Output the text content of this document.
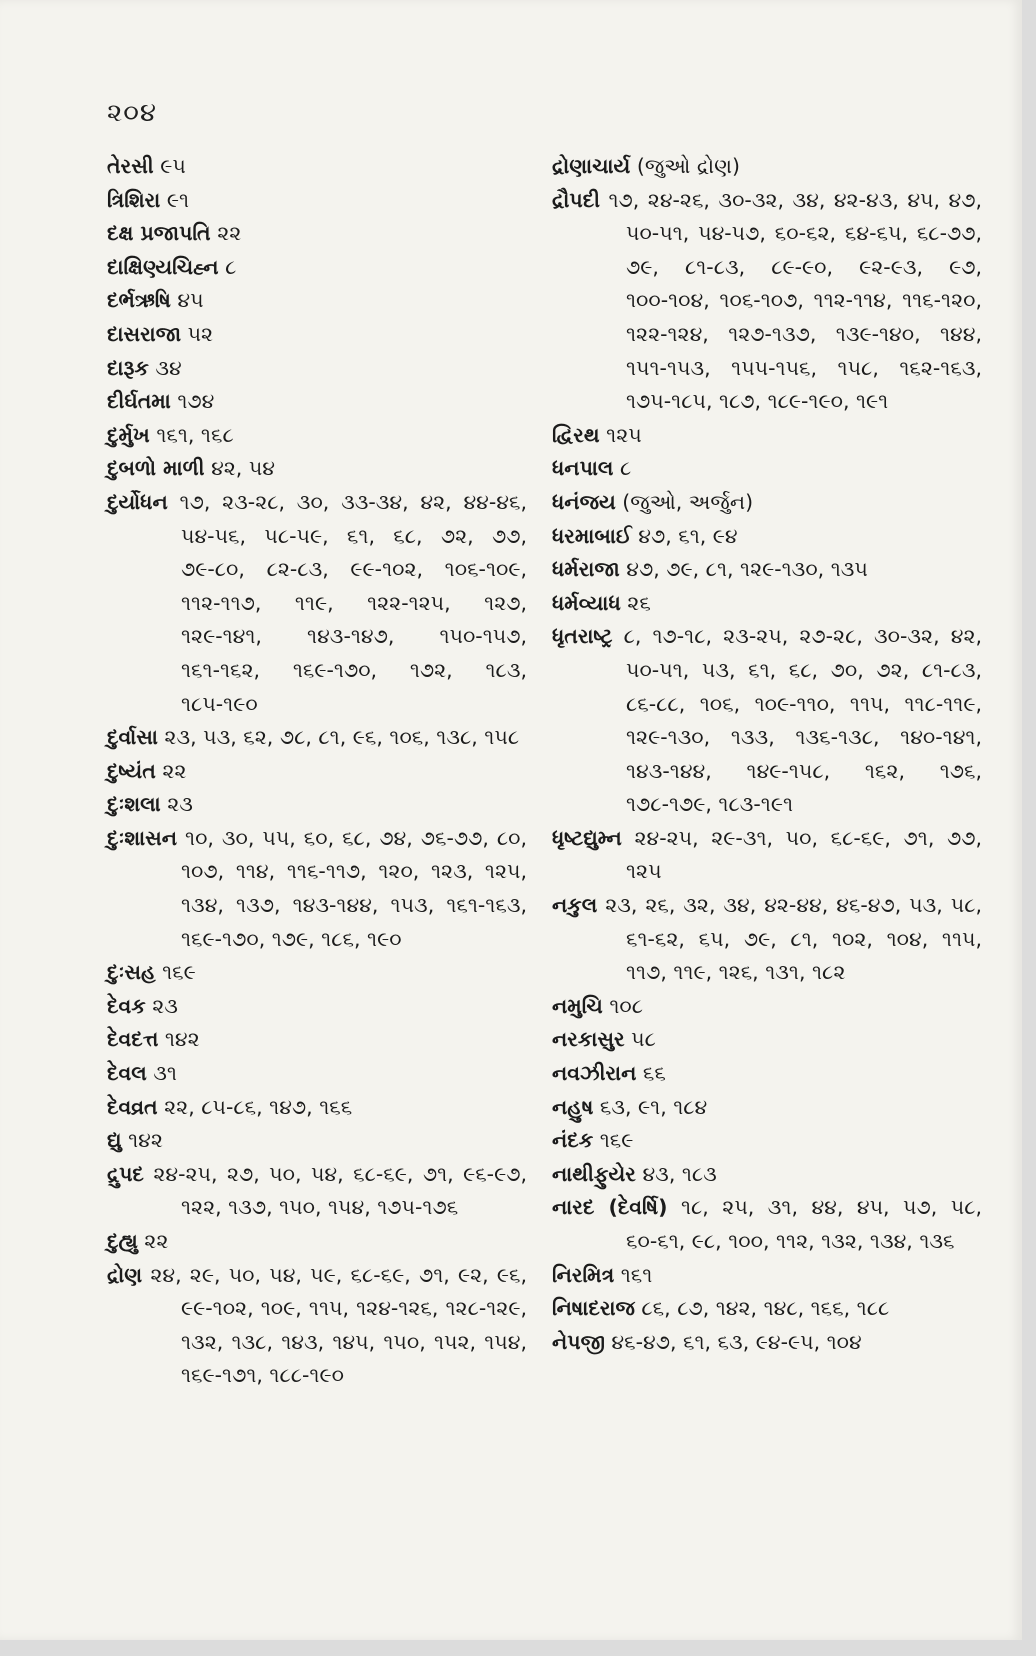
૨૦૪
તેરસી ૯૫
ત્રિશિરા ૯૧
દક્ષ પ્રજાપતિ ૨૨
દાક્ષિણ્યચિહ્ન ૮
દર્ભઋષિ ૪૫
દાસરાજા ૫૨
દારૂક ૩૪
દીર્ઘતમા ૧૭૪
દુર્મુખ ૧૬૧, ૧૬૮
દુબળો માળી ૪૨, ૫૪
દુર્યોધન ૧૭, ૨૩-૨૮, ૩૦, ૩૩-૩૪, ૪૨, ૪૪-૪૬, ૫૪-૫૬, ૫૮-૫૯, ૬૧, ૬૮, ૭૨, ૭૭, ૭૯-૮૦, ૮૨-૮૩, ૯૯-૧૦૨, ૧૦૬-૧૦૯, ૧૧૨-૧૧૭, ૧૧૯, ૧૨૨-૧૨૫, ૧૨૭, ૧૨૯-૧૪૧, ૧૪૩-૧૪૭, ૧૫૦-૧૫૭, ૧૬૧-૧૬૨, ૧૬૯-૧૭૦, ૧૭૨, ૧૮૩, ૧૮૫-૧૯૦
દુર્વાસા ૨૩, ૫૩, ૬૨, ૭૮, ૮૧, ૯૬, ૧૦૬, ૧૩૮, ૧૫૮
દુષ્યંત ૨૨
દુઃશલા ૨૩
દુઃશાસન ૧૦, ૩૦, ૫૫, ૬૦, ૬૮, ૭૪, ૭૬-૭૭, ૮૦, ૧૦૭, ૧૧૪, ૧૧૬-૧૧૭, ૧૨૦, ૧૨૩, ૧૨૫, ૧૩૪, ૧૩૭, ૧૪૩-૧૪૪, ૧૫૩, ૧૬૧-૧૬૩, ૧૬૯-૧૭૦, ૧૭૯, ૧૮૬, ૧૯૦
દુઃસહ ૧૬૯
દેવક ૨૩
દેવદત્ત ૧૪૨
દેવલ ૩૧
દેવવ્રત ૨૨, ૮૫-૮૬, ૧૪૭, ૧૬૬
દ્યુ ૧૪૨
દ્રુપદ ૨૪-૨૫, ૨૭, ૫૦, ૫૪, ૬૮-૬૯, ૭૧, ૯૬-૯૭, ૧૨૨, ૧૩૭, ૧૫૦, ૧૫૪, ૧૭૫-૧૭૬
દુહ્યુ ૨૨
દ્રોણ ૨૪, ૨૯, ૫૦, ૫૪, ૫૯, ૬૮-૬૯, ૭૧, ૯૨, ૯૬, ૯૯-૧૦૨, ૧૦૯, ૧૧૫, ૧૨૪-૧૨૬, ૧૨૮-૧૨૯, ૧૩૨, ૧૩૮, ૧૪૩, ૧૪૫, ૧૫૦, ૧૫૨, ૧૫૪, ૧૬૯-૧૭૧, ૧૮૮-૧૯૦
દ્રોણાચાર્ય (જુઓ દ્રોણ)
દ્રૌપદી ૧૭, ૨૪-૨૬, ૩૦-૩૨, ૩૪, ૪૨-૪૩, ૪૫, ૪૭, ૫૦-૫૧, ૫૪-૫૭, ૬૦-૬૨, ૬૪-૬૫, ૬૮-૭૭, ૭૯, ૮૧-૮૩, ૮૯-૯૦, ૯૨-૯૩, ૯૭, ૧૦૦-૧૦૪, ૧૦૬-૧૦૭, ૧૧૨-૧૧૪, ૧૧૬-૧૨૦, ૧૨૨-૧૨૪, ૧૨૭-૧૩૭, ૧૩૯-૧૪૦, ૧૪૪, ૧૫૧-૧૫૩, ૧૫૫-૧૫૬, ૧૫૮, ૧૬૨-૧૬૩, ૧૭૫-૧૮૫, ૧૮૭, ૧૮૯-૧૯૦, ૧૯૧
દ્વિરથ ૧૨૫
ધનપાલ ૮
ધનંજય (જુઓ, અર્જુન)
ધરમાબાઈ ૪૭, ૬૧, ૯૪
ધર્મરાજા ૪૭, ૭૯, ૮૧, ૧૨૯-૧૩૦, ૧૩૫
ધર્મવ્યાધ ૨૬
ધૃતરાષ્ટ્ર ૮, ૧૭-૧૮, ૨૩-૨૫, ૨૭-૨૮, ૩૦-૩૨, ૪૨, ૫૦-૫૧, ૫૩, ૬૧, ૬૮, ૭૦, ૭૨, ૮૧-૮૩, ૮૬-૮૮, ૧૦૬, ૧૦૯-૧૧૦, ૧૧૫, ૧૧૮-૧૧૯, ૧૨૯-૧૩૦, ૧૩૩, ૧૩૬-૧૩૮, ૧૪૦-૧૪૧, ૧૪૩-૧૪૪, ૧૪૯-૧૫૮, ૧૬૨, ૧૭૬, ૧૭૮-૧૭૯, ૧૮૩-૧૯૧
ધૃષ્ટદ્યુમ્ન ૨૪-૨૫, ૨૯-૩૧, ૫૦, ૬૮-૬૯, ૭૧, ૭૭, ૧૨૫
નકુલ ૨૩, ૨૬, ૩૨, ૩૪, ૪૨-૪૪, ૪૬-૪૭, ૫૩, ૫૮, ૬૧-૬૨, ૬૫, ૭૯, ૮૧, ૧૦૨, ૧૦૪, ૧૧૫, ૧૧૭, ૧૧૯, ૧૨૬, ૧૩૧, ૧૮૨
નમુચિ ૧૦૮
નરકાસુર ૫૮
નવઝીરાન ૬૬
નહુષ ૬૩, ૯૧, ૧૮૪
નંદક ૧૬૯
નાથીફુયેર ૪૩, ૧૮૩
નારદ (દેવર્ષિ) ૧૮, ૨૫, ૩૧, ૪૪, ૪૫, ૫૭, ૫૮, ૬૦-૬૧, ૯૮, ૧૦૦, ૧૧૨, ૧૩૨, ૧૩૪, ૧૩૬
નિરમિત્ર ૧૬૧
નિષાદરાજ ૮૬, ૮૭, ૧૪૨, ૧૪૮, ૧૬૬, ૧૮૮
નેપજી ૪૬-૪૭, ૬૧, ૬૩, ૯૪-૯૫, ૧૦૪
